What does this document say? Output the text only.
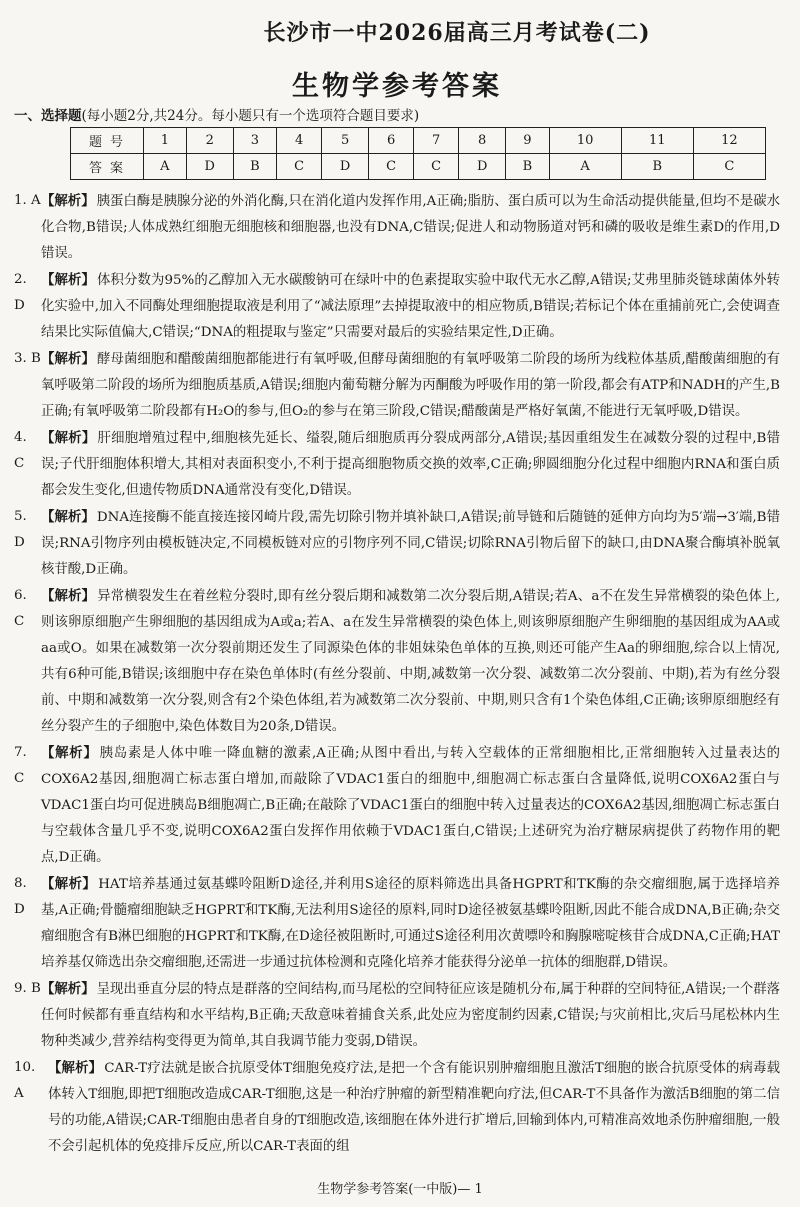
长沙市一中2026届高三月考试卷(二)
生物学参考答案
一、选择题(每小题2分,共24分。每小题只有一个选项符合题目要求)
题号	1	2	3	4	5	6	7	8	9	10	11	12
答案	A	D	B	C	D	C	C	D	B	A	B	C
1. A 【解析】 胰蛋白酶是胰腺分泌的外消化酶,只在消化道内发挥作用,A正确;脂肪、蛋白质可以为生命活动提供能量,但均不是碳水化合物,B错误;人体成熟红细胞无细胞核和细胞器,也没有DNA,C错误;促进人和动物肠道对钙和磷的吸收是维生素D的作用,D错误。
2. D
【解析】 体积分数为95%的乙醇加入无水碳酸钠可在绿叶中的色素提取实验中取代无水乙醇,A错误;艾弗里肺炎链球菌体外转化实验中,加入不同酶处理细胞提取液是利用了“减法原理”去掉提取液中的相应物质,B错误;若标记个体在重捕前死亡,会使调查结果比实际值偏大,C错误;“DNA的粗提取与鉴定”只需要对最后的实验结果定性,D正确。
3. B 【解析】 酵母菌细胞和醋酸菌细胞都能进行有氧呼吸,但酵母菌细胞的有氧呼吸第二阶段的场所为线粒体基质,醋酸菌细胞的有氧呼吸第二阶段的场所为细胞质基质,A错误;细胞内葡萄糖分解为丙酮酸为呼吸作用的第一阶段,都会有ATP和NADH的产生,B正确;有氧呼吸第二阶段都有H₂O的参与,但O₂的参与在第三阶段,C错误;醋酸菌是严格好氧菌,不能进行无氧呼吸,D错误。
4. C
【解析】 肝细胞增殖过程中,细胞核先延长、缢裂,随后细胞质再分裂成两部分,A错误;基因重组发生在减数分裂的过程中,B错误;子代肝细胞体积增大,其相对表面积变小,不利于提高细胞物质交换的效率,C正确;卵圆细胞分化过程中细胞内RNA和蛋白质都会发生变化,但遗传物质DNA通常没有变化,D错误。
5. D
【解析】 DNA连接酶不能直接连接冈崎片段,需先切除引物并填补缺口,A错误;前导链和后随链的延伸方向均为5′端→3′端,B错误;RNA引物序列由模板链决定,不同模板链对应的引物序列不同,C错误;切除RNA引物后留下的缺口,由DNA聚合酶填补脱氧核苷酸,D正确。
6. C
【解析】 异常横裂发生在着丝粒分裂时,即有丝分裂后期和减数第二次分裂后期,A错误;若A、a不在发生异常横裂的染色体上,则该卵原细胞产生卵细胞的基因组成为A或a;若A、a在发生异常横裂的染色体上,则该卵原细胞产生卵细胞的基因组成为AA或aa或O。如果在减数第一次分裂前期还发生了同源染色体的非姐妹染色单体的互换,则还可能产生Aa的卵细胞,综合以上情况,共有6种可能,B错误;该细胞中存在染色单体时(有丝分裂前、中期,减数第一次分裂、减数第二次分裂前、中期),若为有丝分裂前、中期和减数第一次分裂,则含有2个染色体组,若为减数第二次分裂前、中期,则只含有1个染色体组,C正确;该卵原细胞经有丝分裂产生的子细胞中,染色体数目为20条,D错误。
7. C
【解析】 胰岛素是人体中唯一降血糖的激素,A正确;从图中看出,与转入空载体的正常细胞相比,正常细胞转入过量表达的COX6A2基因,细胞凋亡标志蛋白增加,而敲除了VDAC1蛋白的细胞中,细胞凋亡标志蛋白含量降低,说明COX6A2蛋白与VDAC1蛋白均可促进胰岛B细胞凋亡,B正确;在敲除了VDAC1蛋白的细胞中转入过量表达的COX6A2基因,细胞凋亡标志蛋白与空载体含量几乎不变,说明COX6A2蛋白发挥作用依赖于VDAC1蛋白,C错误;上述研究为治疗糖尿病提供了药物作用的靶点,D正确。
8. D
【解析】 HAT培养基通过氨基蝶呤阻断D途径,并利用S途径的原料筛选出具备HGPRT和TK酶的杂交瘤细胞,属于选择培养基,A正确;骨髓瘤细胞缺乏HGPRT和TK酶,无法利用S途径的原料,同时D途径被氨基蝶呤阻断,因此不能合成DNA,B正确;杂交瘤细胞含有B淋巴细胞的HGPRT和TK酶,在D途径被阻断时,可通过S途径利用次黄嘌呤和胸腺嘧啶核苷合成DNA,C正确;HAT培养基仅筛选出杂交瘤细胞,还需进一步通过抗体检测和克隆化培养才能获得分泌单一抗体的细胞群,D错误。
9. B 【解析】 呈现出垂直分层的特点是群落的空间结构,而马尾松的空间特征应该是随机分布,属于种群的空间特征,A错误;一个群落任何时候都有垂直结构和水平结构,B正确;天敌意味着捕食关系,此处应为密度制约因素,C错误;与灾前相比,灾后马尾松林内生物种类减少,营养结构变得更为简单,其自我调节能力变弱,D错误。
10. A
【解析】 CAR-T疗法就是嵌合抗原受体T细胞免疫疗法,是把一个含有能识别肿瘤细胞且激活T细胞的嵌合抗原受体的病毒载体转入T细胞,即把T细胞改造成CAR-T细胞,这是一种治疗肿瘤的新型精准靶向疗法,但CAR-T不具备作为激活B细胞的第二信号的功能,A错误;CAR-T细胞由患者自身的T细胞改造,该细胞在体外进行扩增后,回输到体内,可精准高效地杀伤肿瘤细胞,一般不会引起机体的免疫排斥反应,所以CAR-T表面的组
生物学参考答案(一中版)— 1
